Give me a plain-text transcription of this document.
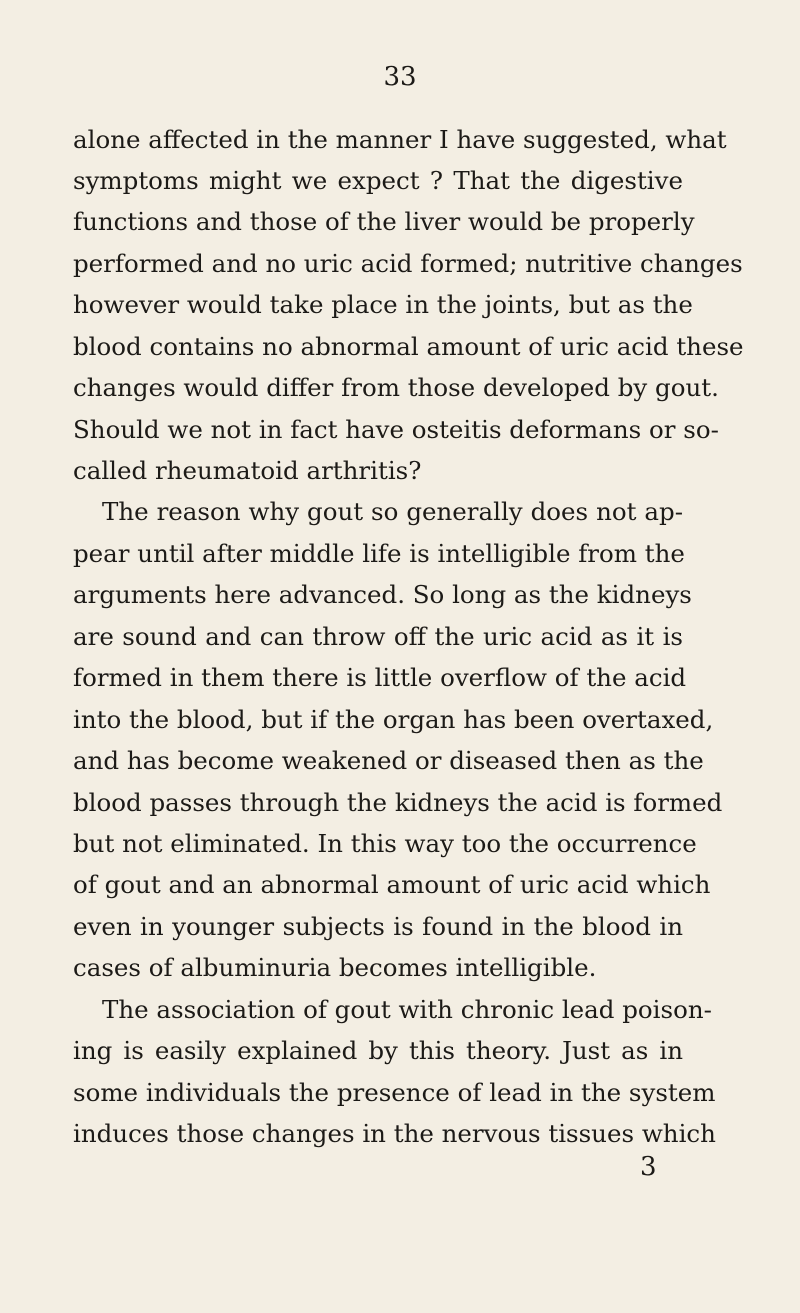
33
alone affected in the manner I have suggested, what
symptoms might we expect ? That the digestive
functions and those of the liver would be properly
performed and no uric acid formed; nutritive changes
however would take place in the joints, but as the
blood contains no abnormal amount of uric acid these
changes would differ from those developed by gout.
Should we not in fact have osteitis deformans or so-
called rheumatoid arthritis?
The reason why gout so generally does not ap-
pear until after middle life is intelligible from the
arguments here advanced. So long as the kidneys
are sound and can throw off the uric acid as it is
formed in them there is little overflow of the acid
into the blood, but if the organ has been overtaxed,
and has become weakened or diseased then as the
blood passes through the kidneys the acid is formed
but not eliminated. In this way too the occurrence
of gout and an abnormal amount of uric acid which
even in younger subjects is found in the blood in
cases of albuminuria becomes intelligible.
The association of gout with chronic lead poison-
ing is easily explained by this theory. Just as in
some individuals the presence of lead in the system
induces those changes in the nervous tissues which
3
